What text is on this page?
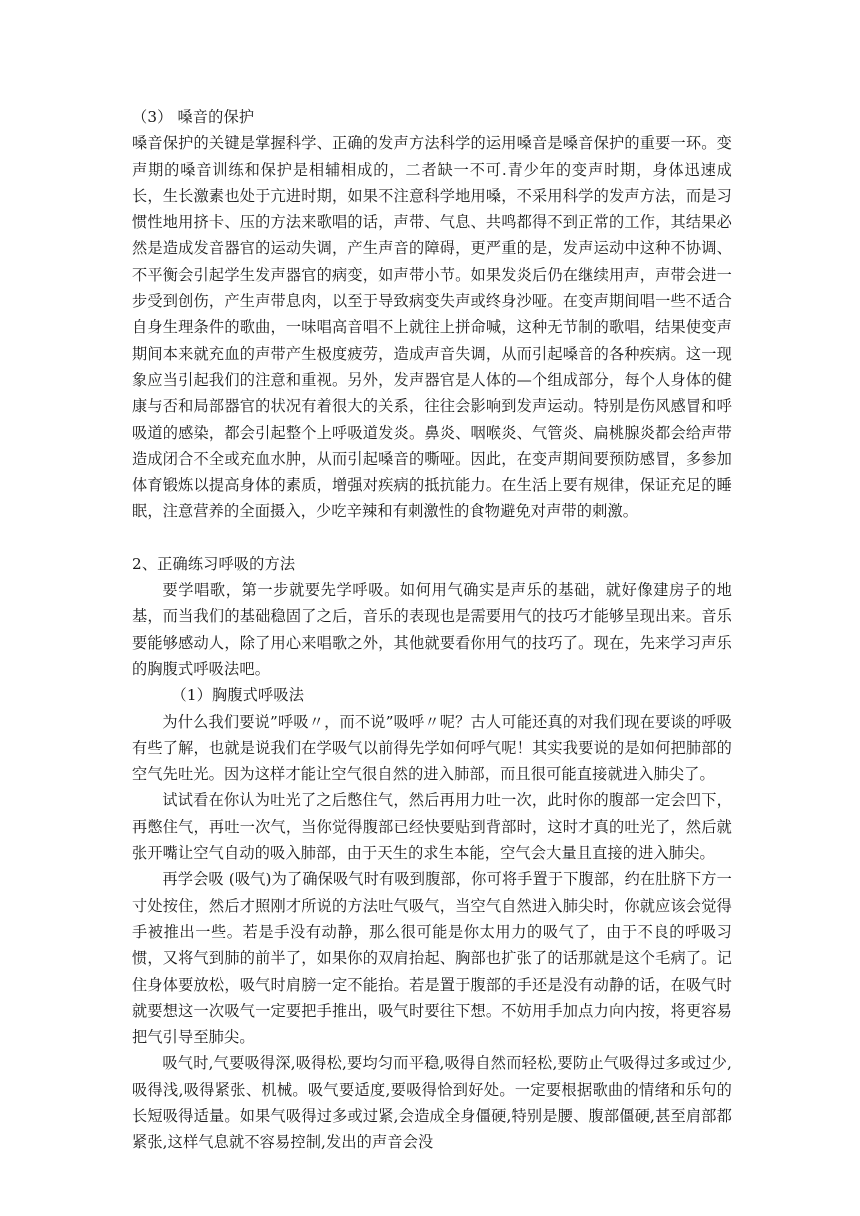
（3） 嗓音的保护

嗓音保护的关键是掌握科学、正确的发声方法科学的运用嗓音是嗓音保护的重要一环。变声期的嗓音训练和保护是相辅相成的，二者缺一不可.青少年的变声时期，身体迅速成长，生长激素也处于亢进时期，如果不注意科学地用嗓，不采用科学的发声方法，而是习惯性地用挤卡、压的方法来歌唱的话，声带、气息、共鸣都得不到正常的工作，其结果必然是造成发音器官的运动失调，产生声音的障碍，更严重的是，发声运动中这种不协调、不平衡会引起学生发声器官的病变，如声带小节。如果发炎后仍在继续用声，声带会进一步受到创伤，产生声带息肉，以至于导致病变失声或终身沙哑。在变声期间唱一些不适合自身生理条件的歌曲，一味唱高音唱不上就往上拼命喊，这种无节制的歌唱，结果使变声期间本来就充血的声带产生极度疲劳，造成声音失调，从而引起嗓音的各种疾病。这一现象应当引起我们的注意和重视。另外，发声器官是人体的—个组成部分，每个人身体的健康与否和局部器官的状况有着很大的关系，往往会影响到发声运动。特别是伤风感冒和呼吸道的感染，都会引起整个上呼吸道发炎。鼻炎、咽喉炎、气管炎、扁桃腺炎都会给声带造成闭合不全或充血水肿，从而引起嗓音的嘶哑。因此，在变声期间要预防感冒，多参加体育锻炼以提高身体的素质，增强对疾病的抵抗能力。在生活上要有规律，保证充足的睡眠，注意营养的全面摄入，少吃辛辣和有刺激性的食物避免对声带的刺激。

2、正确练习呼吸的方法

要学唱歌，第一步就要先学呼吸。如何用气确实是声乐的基础，就好像建房子的地基，而当我们的基础稳固了之后，音乐的表现也是需要用气的技巧才能够呈现出来。音乐要能够感动人，除了用心来唱歌之外，其他就要看你用气的技巧了。现在，先来学习声乐的胸腹式呼吸法吧。

（1）胸腹式呼吸法

为什么我们要说”呼吸〃，而不说”吸呼〃呢？古人可能还真的对我们现在要谈的呼吸有些了解，也就是说我们在学吸气以前得先学如何呼气呢！其实我要说的是如何把肺部的空气先吐光。因为这样才能让空气很自然的进入肺部，而且很可能直接就进入肺尖了。

试试看在你认为吐光了之后憋住气，然后再用力吐一次，此时你的腹部一定会凹下，再憋住气，再吐一次气，当你觉得腹部已经快要贴到背部时，这时才真的吐光了，然后就张开嘴让空气自动的吸入肺部，由于天生的求生本能，空气会大量且直接的进入肺尖。

再学会吸 (吸气)为了确保吸气时有吸到腹部，你可将手置于下腹部，约在肚脐下方一寸处按住，然后才照刚才所说的方法吐气吸气，当空气自然进入肺尖时，你就应该会觉得手被推出一些。若是手没有动静，那么很可能是你太用力的吸气了，由于不良的呼吸习惯，又将气到肺的前半了，如果你的双肩抬起、胸部也扩张了的话那就是这个毛病了。记住身体要放松，吸气时肩膀一定不能抬。若是置于腹部的手还是没有动静的话，在吸气时就要想这一次吸气一定要把手推出，吸气时要往下想。不妨用手加点力向内按，将更容易把气引导至肺尖。

吸气时,气要吸得深,吸得松,要均匀而平稳,吸得自然而轻松,要防止气吸得过多或过少,吸得浅,吸得紧张、机械。吸气要适度,要吸得恰到好处。一定要根据歌曲的情绪和乐句的长短吸得适量。如果气吸得过多或过紧,会造成全身僵硬,特别是腰、腹部僵硬,甚至肩部都紧张,这样气息就不容易控制,发出的声音会没
